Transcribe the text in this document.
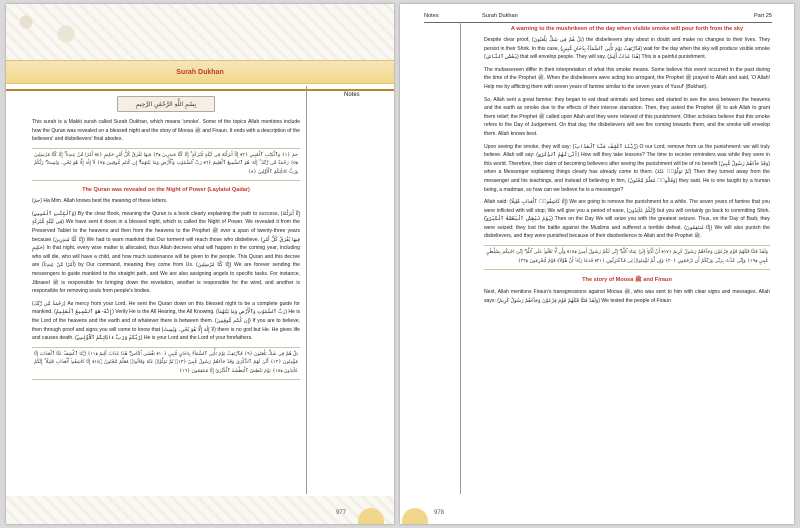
Surah Dukhan
Notes
بِسْمِ اللَّهِ الرَّحْمَٰنِ الرَّحِيمِ

This surah is a Makki surah called Surah Dukhan, which means 'smoke'. Some of the topics Allah mentions include how the Quran was revealed on a blessed night and the story of Moosa ﷺ and Firaun. It ends with a description of the believers' and disbelievers' final abodes.

حمٓ ﴿١﴾ وَٱلْكِتَٰبِ ٱلْمُبِينِ ﴿٢﴾ إِنَّآ أَنزَلْنَٰهُ فِى لَيْلَةٍ مُّبَٰرَكَةٍ ۚ إِنَّا كُنَّا مُنذِرِينَ ﴿٣﴾ فِيهَا يُفْرَقُ كُلُّ أَمْرٍ حَكِيمٍ ﴿٤﴾ أَمْرًا مِّنْ عِندِنَآ ۚ إِنَّا كُنَّا مُرْسِلِينَ ﴿٥﴾ رَحْمَةً مِّن رَّبِّكَ ۚ إِنَّهُۥ هُوَ ٱلسَّمِيعُ ٱلْعَلِيمُ ﴿٦﴾ رَبِّ ٱلسَّمَٰوَٰتِ وَٱلْأَرْضِ وَمَا بَيْنَهُمَآ ۖ إِن كُنتُم مُّوقِنِينَ ﴿٧﴾ لَآ إِلَٰهَ إِلَّا هُوَ يُحْىِۦ وَيُمِيتُ ۖ رَبُّكُمْ وَرَبُّ ءَابَآئِكُمُ ٱلْأَوَّلِينَ ﴿٨﴾
The Quran was revealed on the Night of Power (Laylatul Qadar)

(حمٓ) Ha Mim. Allah knows best the meaning of these letters.

(وَٱلْكِتَٰبِ ٱلْمُبِينِ) By the clear Book, meaning the Quran is a book clearly explaining the path to success, (إِنَّآ أَنزَلْنَٰهُ فِى لَيْلَةٍ مُّبَٰرَكَةٍ) We have sent it down in a blessed night, which is called the Night of Power. We revealed it from the Preserved Tablet to the heavens and then from the heavens to the Prophet ﷺ over a span of twenty-three years because (إِنَّا كُنَّا مُنذِرِينَ) We had to warn mankind that Our torment will reach those who disbelieve. (فِيهَا يُفْرَقُ كُلُّ أَمْرٍ حَكِيمٍ) In that night, every wise matter is allocated, thus Allah decrees what will happen in the coming year, including who will die, who will have a child, and how much sustenance will be given to the people. This Quran and this decree are (أَمْرًا مِّنْ عِندِنَآ) by Our command, meaning they come from Us. (إِنَّا كُنَّا مُرْسِلِينَ) We are forever sending the messengers to guide mankind to the straight path, and We are also assigning angels to specific tasks. For instance, Jibraeel ﷺ is responsible for bringing down the revelation, another is responsible for the wind, and another is responsible for removing souls from people's bodies.

(رَحْمَةً مِّن رَّبِّكَ) As mercy from your Lord, He sent the Quran down on this blessed night to be a complete guide for mankind. (إِنَّهُۥ هُوَ ٱلسَّمِيعُ ٱلْعَلِيمُ) Verily He is the All Hearing, the All Knowing. (رَبِّ ٱلسَّمَٰوَٰتِ وَٱلْأَرْضِ وَمَا بَيْنَهُمَآ) He is the Lord of the heavens and the earth and of whatever there is between them. (إِن كُنتُم مُّوقِنِينَ) If you are to believe, then through proof and signs you will come to know that (لَآ إِلَٰهَ إِلَّا هُوَ يُحْىِۦ وَيُمِيتُ) there is no god but He. He gives life and causes death. (رَبُّكُمْ وَرَبُّ ءَابَآئِكُمُ ٱلْأَوَّلِينَ) He is your Lord and the Lord of your forefathers.

بَلْ هُمْ فِى شَكٍّ يَلْعَبُونَ ﴿٩﴾ فَٱرْتَقِبْ يَوْمَ تَأْتِى ٱلسَّمَآءُ بِدُخَانٍ مُّبِينٍ ﴿١٠﴾ يَغْشَى ٱلنَّاسَ ۖ هَٰذَا عَذَابٌ أَلِيمٌ ﴿١١﴾ رَّبَّنَا ٱكْشِفْ عَنَّا ٱلْعَذَابَ إِنَّا مُؤْمِنُونَ ﴿١٢﴾ أَنَّىٰ لَهُمُ ٱلذِّكْرَىٰ وَقَدْ جَآءَهُمْ رَسُولٌ مُّبِينٌ ﴿١٣﴾ ثُمَّ تَوَلَّوْا۟ عَنْهُ وَقَالُوا۟ مُعَلَّمٌ مَّجْنُونٌ ﴿١٤﴾ إِنَّا كَاشِفُوا۟ ٱلْعَذَابِ قَلِيلًا ۚ إِنَّكُمْ عَآئِدُونَ ﴿١٥﴾ يَوْمَ نَبْطِشُ ٱلْبَطْشَةَ ٱلْكُبْرَىٰٓ إِنَّا مُنتَقِمُونَ ﴿١٦﴾
977
Notes	Surah Dukhan	Part 25
A warning to the mushrikeen of the day when visible smoke will pour forth from the sky

Despite clear proof, (بَلْ هُمْ فِى شَكٍّ يَلْعَبُونَ) the disbelievers play about in doubt and make no changes to their lives. They persist in their Shirk. In this case, (فَٱرْتَقِبْ يَوْمَ تَأْتِى ٱلسَّمَآءُ بِدُخَانٍ مُّبِينٍ) wait for the day when the sky will produce visible smoke (يَغْشَى ٱلنَّاسَ) that will envelop people. They will say, (هَٰذَا عَذَابٌ أَلِيمٌ) This is a painful punishment.

The mufassereen differ in their interpretation of what this smoke means. Some believe this event occurred in the past during the time of the Prophet ﷺ. When the disbelievers were acting too arrogant, the Prophet ﷺ prayed to Allah and said, 'O Allah! Help me by afflicting them with seven years of famine similar to the seven years of Yusuf' (Bukhari).

So, Allah sent a great famine; they began to eat dead animals and bones and started to see the area between the heavens and the earth as smoke due to the effects of their intense starvation. Then, they asked the Prophet ﷺ to ask Allah to grant them relief; the Prophet ﷺ called upon Allah and they were relieved of this punishment. Other scholars believe that this smoke refers to the Day of Judgement. On that day, the disbelievers will see fire coming towards them, and the smoke will envelop them. Allah knows best.

Upon seeing the smoke, they will say: (رَّبَّنَا ٱكْشِفْ عَنَّا ٱلْعَذَابَ) O our Lord, remove from us the punishment: we will truly believe. Allah will say: (أَنَّىٰ لَهُمُ ٱلذِّكْرَىٰ) How will they take lessons? The time to receive reminders was while they were in this world. Therefore, their claim of becoming believers after seeing the punishment will be of no benefit (وَقَدْ جَآءَهُمْ رَسُولٌ مُّبِينٌ) when a Messenger explaining things clearly has already come to them. (ثُمَّ تَوَلَّوْا۟ عَنْهُ) Then they turned away from the messenger and his teachings, and instead of believing in him, (وَقَالُوا۟ مُعَلَّمٌ مَّجْنُونٌ) they said, He is one taught by a human being, a madman, so how can we believe he is a messenger?

Allah said: (إِنَّا كَاشِفُوا۟ ٱلْعَذَابِ قَلِيلًا) We are going to remove the punishment for a while. The seven years of famine that you were inflicted with will stop; We will give you a period of ease, (إِنَّكُمْ عَآئِدُونَ) but you will certainly go back to committing Shirk. (يَوْمَ نَبْطِشُ ٱلْبَطْشَةَ ٱلْكُبْرَىٰٓ) Then on the Day We will seize you with the greatest seizure. Thus, on the Day of Badr, they were seized; they lost the battle against the Muslims and suffered a terrible defeat. (إِنَّا مُنتَقِمُونَ) We will also punish the disbelievers, and they were punished because of their disobedience to Allah and the Prophet ﷺ.

وَلَقَدْ فَتَنَّا قَبْلَهُمْ قَوْمَ فِرْعَوْنَ وَجَآءَهُمْ رَسُولٌ كَرِيمٌ ﴿١٧﴾ أَنْ أَدُّوٓا۟ إِلَىَّ عِبَادَ ٱللَّهِ ۖ إِنِّى لَكُمْ رَسُولٌ أَمِينٌ ﴿١٨﴾ وَأَن لَّا تَعْلُوا۟ عَلَى ٱللَّهِ ۖ إِنِّىٓ ءَاتِيكُم بِسُلْطَٰنٍ مُّبِينٍ ﴿١٩﴾ وَإِنِّى عُذْتُ بِرَبِّى وَرَبِّكُمْ أَن تَرْجُمُونِ ﴿٢٠﴾ وَإِن لَّمْ تُؤْمِنُوا۟ لِى فَٱعْتَزِلُونِ ﴿٢١﴾ فَدَعَا رَبَّهُۥٓ أَنَّ هَٰٓؤُلَآءِ قَوْمٌ مُّجْرِمُونَ ﴿٢٢﴾
The story of Moosa ﷺ and Firaun

Next, Allah mentions Firaun's transgressions against Moosa ﷺ, who was sent to him with clear signs and messages. Allah says: (وَلَقَدْ فَتَنَّا قَبْلَهُمْ قَوْمَ فِرْعَوْنَ وَجَآءَهُمْ رَسُولٌ كَرِيمٌ) We tested the people of Firaun

978
